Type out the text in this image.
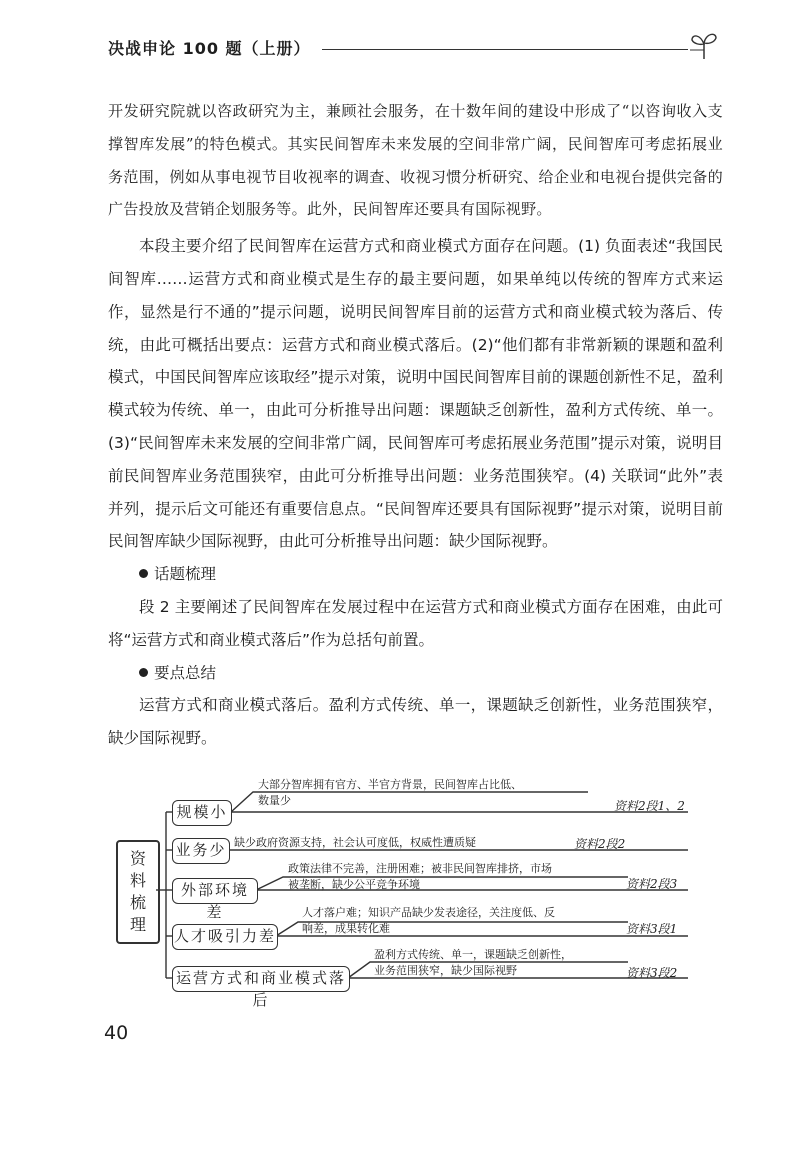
决战申论 100 题（上册）

开发研究院就以咨政研究为主，兼顾社会服务，在十数年间的建设中形成了“以咨询收入支撑智库发展”的特色模式。其实民间智库未来发展的空间非常广阔，民间智库可考虑拓展业务范围，例如从事电视节目收视率的调查、收视习惯分析研究、给企业和电视台提供完备的广告投放及营销企划服务等。此外，民间智库还要具有国际视野。

本段主要介绍了民间智库在运营方式和商业模式方面存在问题。(1) 负面表述“我国民间智库……运营方式和商业模式是生存的最主要问题，如果单纯以传统的智库方式来运作，显然是行不通的”提示问题，说明民间智库目前的运营方式和商业模式较为落后、传统，由此可概括出要点：运营方式和商业模式落后。(2)“他们都有非常新颖的课题和盈利模式，中国民间智库应该取经”提示对策，说明中国民间智库目前的课题创新性不足，盈利模式较为传统、单一，由此可分析推导出问题：课题缺乏创新性，盈利方式传统、单一。(3)“民间智库未来发展的空间非常广阔，民间智库可考虑拓展业务范围”提示对策，说明目前民间智库业务范围狭窄，由此可分析推导出问题：业务范围狭窄。(4) 关联词“此外”表并列，提示后文可能还有重要信息点。“民间智库还要具有国际视野”提示对策，说明目前民间智库缺少国际视野，由此可分析推导出问题：缺少国际视野。

话题梳理

段 2 主要阐述了民间智库在发展过程中在运营方式和商业模式方面存在困难，由此可将“运营方式和商业模式落后”作为总括句前置。

要点总结

运营方式和商业模式落后。盈利方式传统、单一，课题缺乏创新性，业务范围狭窄，缺少国际视野。

资
料
梳
理
规模小
业务少
外部环境差
人才吸引力差
运营方式和商业模式落后
大部分智库拥有官方、半官方背景，民间智库占比低、
数量少	资料2段1、2
缺少政府资源支持，社会认可度低，权威性遭质疑	资料2段2
政策法律不完善，注册困难；被非民间智库排挤，市场
被垄断，缺少公平竞争环境	资料2段3
人才落户难；知识产品缺少发表途径，关注度低、反
响差，成果转化难	资料3段1
盈利方式传统、单一，课题缺乏创新性，
业务范围狭窄，缺少国际视野	资料3段2
40
